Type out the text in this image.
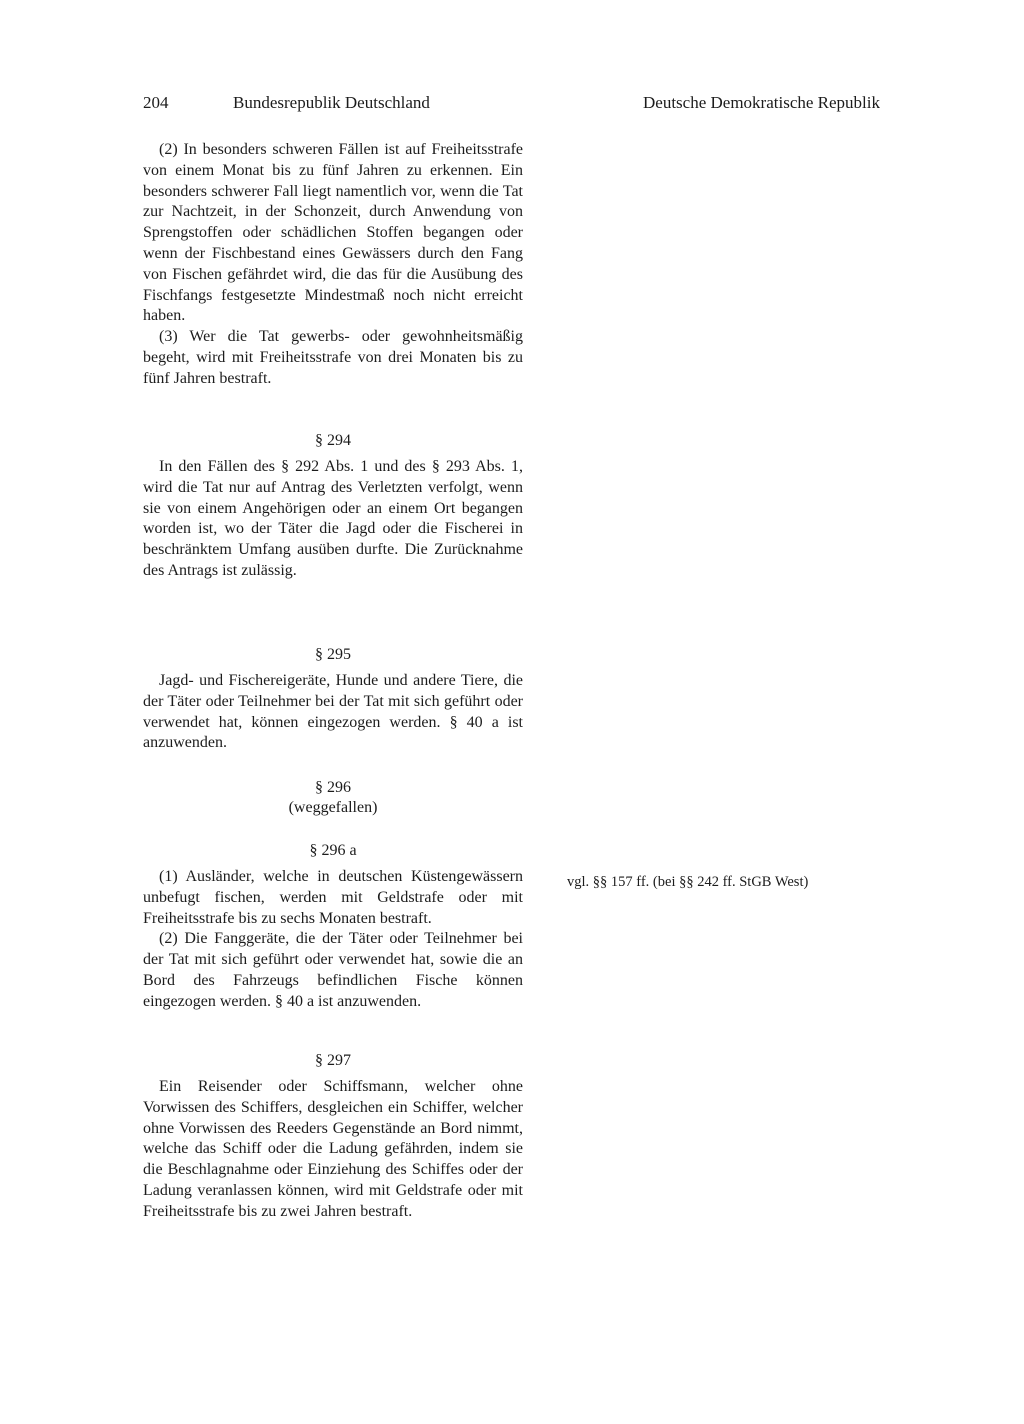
204	Bundesrepublik Deutschland	Deutsche Demokratische Republik

(2) In besonders schweren Fällen ist auf Freiheitsstrafe von einem Monat bis zu fünf Jahren zu erkennen. Ein besonders schwerer Fall liegt namentlich vor, wenn die Tat zur Nachtzeit, in der Schonzeit, durch Anwendung von Sprengstoffen oder schädlichen Stoffen begangen oder wenn der Fischbestand eines Gewässers durch den Fang von Fischen gefährdet wird, die das für die Ausübung des Fischfangs festgesetzte Mindestmaß noch nicht erreicht haben.

(3) Wer die Tat gewerbs- oder gewohnheitsmäßig begeht, wird mit Freiheitsstrafe von drei Monaten bis zu fünf Jahren bestraft.

§ 294

In den Fällen des § 292 Abs. 1 und des § 293 Abs. 1, wird die Tat nur auf Antrag des Verletzten verfolgt, wenn sie von einem Angehörigen oder an einem Ort begangen worden ist, wo der Täter die Jagd oder die Fischerei in beschränktem Umfang ausüben durfte. Die Zurücknahme des Antrags ist zulässig.

§ 295

Jagd- und Fischereigeräte, Hunde und andere Tiere, die der Täter oder Teilnehmer bei der Tat mit sich geführt oder verwendet hat, können eingezogen werden. § 40 a ist anzuwenden.

§ 296
(weggefallen)
§ 296 a

(1) Ausländer, welche in deutschen Küstengewässern unbefugt fischen, werden mit Geldstrafe oder mit Freiheitsstrafe bis zu sechs Monaten bestraft.

(2) Die Fanggeräte, die der Täter oder Teilnehmer bei der Tat mit sich geführt oder verwendet hat, sowie die an Bord des Fahrzeugs befindlichen Fische können eingezogen werden. § 40 a ist anzuwenden.

§ 297

Ein Reisender oder Schiffsmann, welcher ohne Vorwissen des Schiffers, desgleichen ein Schiffer, welcher ohne Vorwissen des Reeders Gegenstände an Bord nimmt, welche das Schiff oder die Ladung gefährden, indem sie die Beschlagnahme oder Einziehung des Schiffes oder der Ladung veranlassen können, wird mit Geldstrafe oder mit Freiheitsstrafe bis zu zwei Jahren bestraft.

vgl. §§ 157 ff. (bei §§ 242 ff. StGB West)
